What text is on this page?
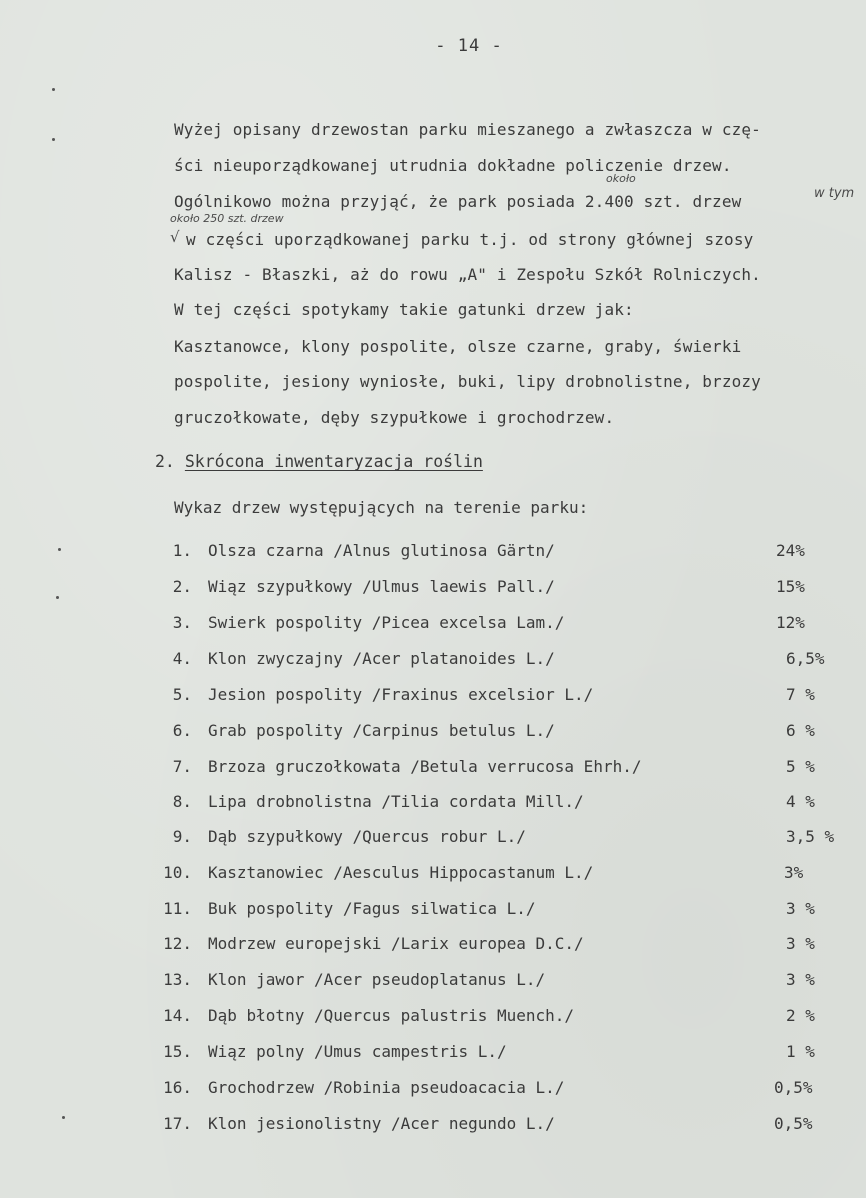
- 14 -
Wyżej opisany drzewostan parku mieszanego a zwłaszcza w czę-
ści nieuporządkowanej utrudnia dokładne policzenie drzew.
Ogólnikowo można przyjąć, że park posiada 2.400 szt. drzew
w części uporządkowanej parku t.j. od strony głównej szosy
Kalisz - Błaszki, aż do rowu „A" i Zespołu Szkół Rolniczych.
W tej części spotykamy takie gatunki drzew jak:
Kasztanowce, klony pospolite, olsze czarne, graby, świerki
pospolite, jesiony wyniosłe, buki, lipy drobnolistne, brzozy
gruczołkowate, dęby szypułkowe i grochodrzew.
około
w tym
około 250 szt. drzew
√
2. Skrócona inwentaryzacja roślin
Wykaz drzew występujących na terenie parku:
1. Olsza czarna /Alnus glutinosa Gärtn/	24%
2. Wiąz szypułkowy /Ulmus laewis Pall./	15%
3. Swierk pospolity /Picea excelsa Lam./	12%
4. Klon zwyczajny /Acer platanoides L./	6,5%
5. Jesion pospolity /Fraxinus excelsior L./	7 %
6. Grab pospolity /Carpinus betulus L./	6 %
7. Brzoza gruczołkowata /Betula verrucosa Ehrh./	5 %
8. Lipa drobnolistna /Tilia cordata Mill./	4 %
9. Dąb szypułkowy /Quercus robur L./	3,5 %
10. Kasztanowiec /Aesculus Hippocastanum L./	3%
11. Buk pospolity /Fagus silwatica L./	3 %
12. Modrzew europejski /Larix europea D.C./	3 %
13. Klon jawor /Acer pseudoplatanus L./	3 %
14. Dąb błotny /Quercus palustris Muench./	2 %
15. Wiąz polny /Umus campestris L./	1 %
16. Grochodrzew /Robinia pseudoacacia L./	0,5%
17. Klon jesionolistny /Acer negundo L./	0,5%
